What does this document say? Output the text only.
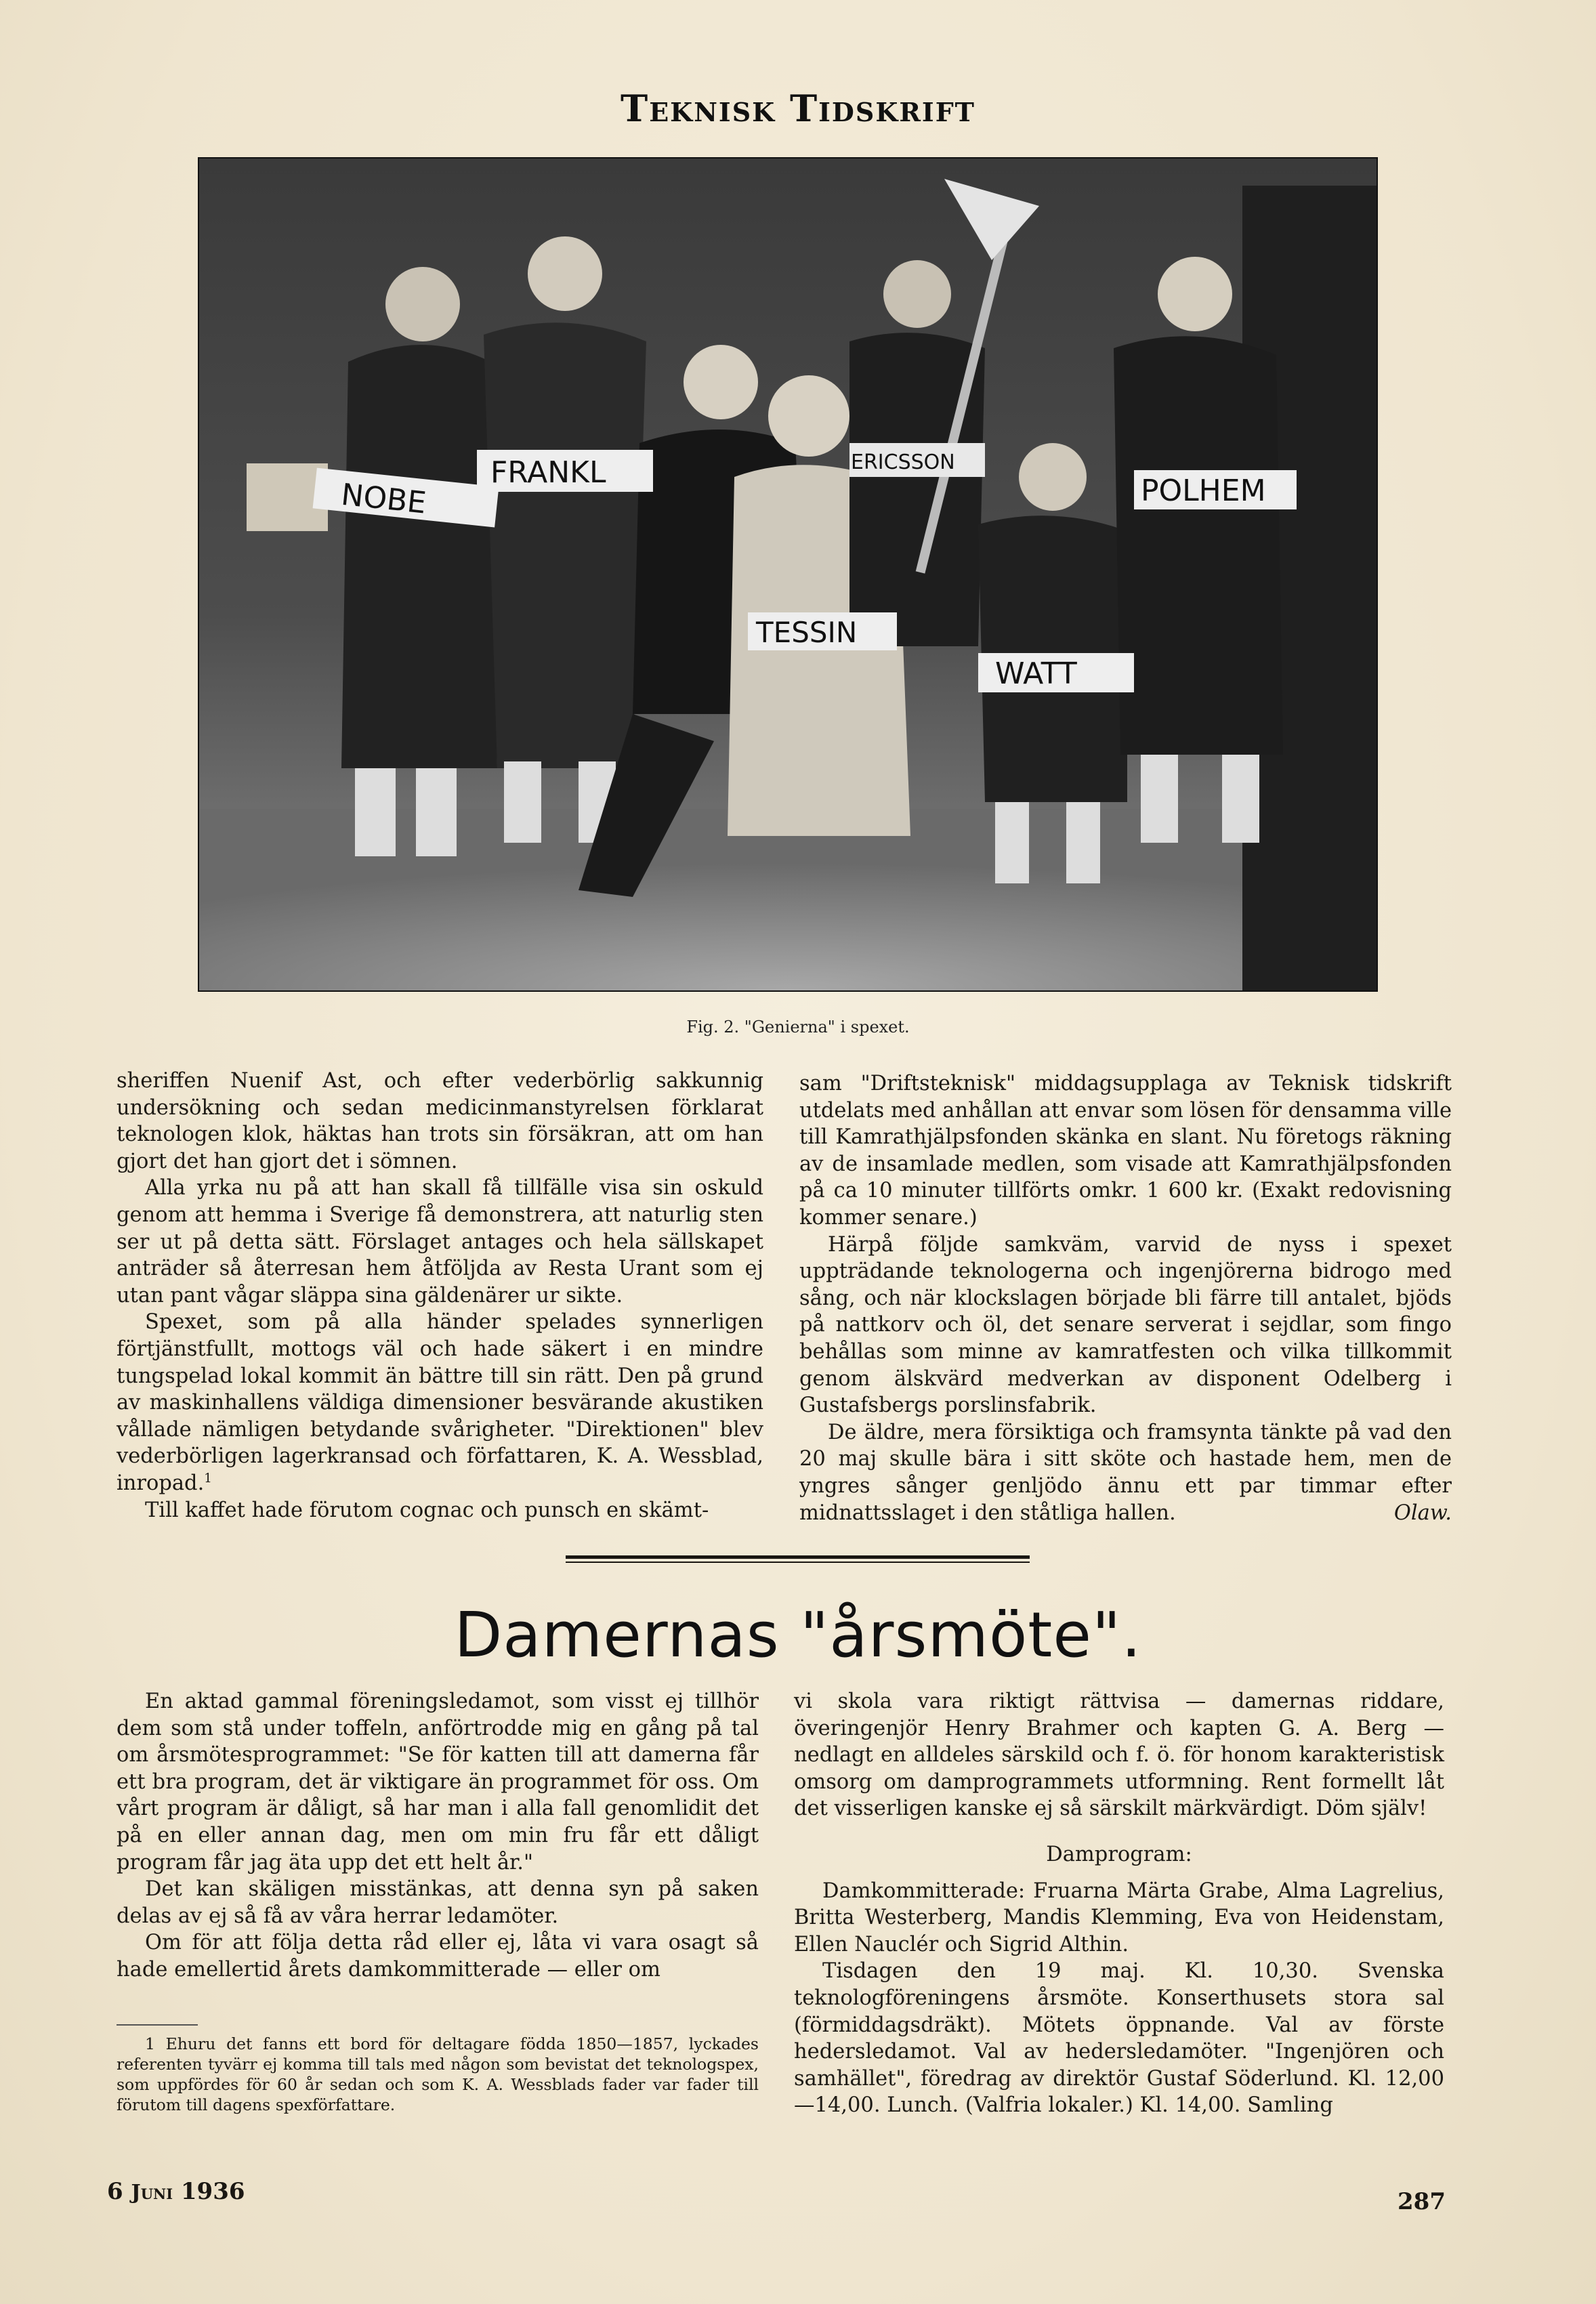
Teknisk Tidskrift
NOBE
FRANKL	ERICSSON
POLHEM
TESSIN
WATT
Fig. 2. "Genierna" i spexet.

sheriffen Nuenif Ast, och efter vederbörlig sakkunnig undersökning och sedan medicinmanstyrelsen förklarat teknologen klok, häktas han trots sin försäkran, att om han gjort det han gjort det i sömnen.

Alla yrka nu på att han skall få tillfälle visa sin oskuld genom att hemma i Sverige få demonstrera, att naturlig sten ser ut på detta sätt. Förslaget antages och hela sällskapet anträder så återresan hem åtföljda av Resta Urant som ej utan pant vågar släppa sina gäldenärer ur sikte.

Spexet, som på alla händer spelades synnerligen förtjänstfullt, mottogs väl och hade säkert i en mindre tungspelad lokal kommit än bättre till sin rätt. Den på grund av maskinhallens väldiga dimensioner besvärande akustiken vållade nämligen betydande svårigheter. "Direktionen" blev vederbörligen lagerkransad och författaren, K. A. Wessblad, inropad.$^1$

Till kaffet hade förutom cognac och punsch en skämt-

sam "Driftsteknisk" middagsupplaga av Teknisk tidskrift utdelats med anhållan att envar som lösen för densamma ville till Kamrathjälpsfonden skänka en slant. Nu företogs räkning av de insamlade medlen, som visade att Kamrathjälpsfonden på ca 10 minuter tillförts omkr. 1 600 kr. (Exakt redovisning kommer senare.)

Härpå följde samkväm, varvid de nyss i spexet uppträdande teknologerna och ingenjörerna bidrogo med sång, och när klockslagen började bli färre till antalet, bjöds på nattkorv och öl, det senare serverat i sejdlar, som fingo behållas som minne av kamratfesten och vilka tillkommit genom älskvärd medverkan av disponent Odelberg i Gustafsbergs porslinsfabrik.

De äldre, mera försiktiga och framsynta tänkte på vad den 20 maj skulle bära i sitt sköte och hastade hem, men de yngres sånger genljödo ännu ett par timmar efter midnattsslaget i den ståtliga hallen.	Olaw.

Damernas "årsmöte".

En aktad gammal föreningsledamot, som visst ej tillhör dem som stå under toffeln, anförtrodde mig en gång på tal om årsmötesprogrammet: "Se för katten till att damerna får ett bra program, det är viktigare än programmet för oss. Om vårt program är dåligt, så har man i alla fall genomlidit det på en eller annan dag, men om min fru får ett dåligt program får jag äta upp det ett helt år."

Det kan skäligen misstänkas, att denna syn på saken delas av ej så få av våra herrar ledamöter.

Om för att följa detta råd eller ej, låta vi vara osagt så hade emellertid årets damkommitterade — eller om

1 Ehuru det fanns ett bord för deltagare födda 1850—1857, lyckades referenten tyvärr ej komma till tals med någon som bevistat det teknologspex, som uppfördes för 60 år sedan och som K. A. Wessblads fader var fader till förutom till dagens spexförfattare.

vi skola vara riktigt rättvisa — damernas riddare, överingenjör Henry Brahmer och kapten G. A. Berg — nedlagt en alldeles särskild och f. ö. för honom karakteristisk omsorg om damprogrammets utformning. Rent formellt låt det visserligen kanske ej så särskilt märkvärdigt. Döm själv!

Damprogram:

Damkommitterade: Fruarna Märta Grabe, Alma Lagrelius, Britta Westerberg, Mandis Klemming, Eva von Heidenstam, Ellen Nauclér och Sigrid Althin.

Tisdagen den 19 maj. Kl. 10,30. Svenska teknologföreningens årsmöte. Konserthusets stora sal (förmiddagsdräkt). Mötets öppnande. Val av förste hedersledamot. Val av hedersledamöter. "Ingenjören och samhället", föredrag av direktör Gustaf Söderlund. Kl. 12,00—14,00. Lunch. (Valfria lokaler.) Kl. 14,00. Samling

6 Juni 1936	287
